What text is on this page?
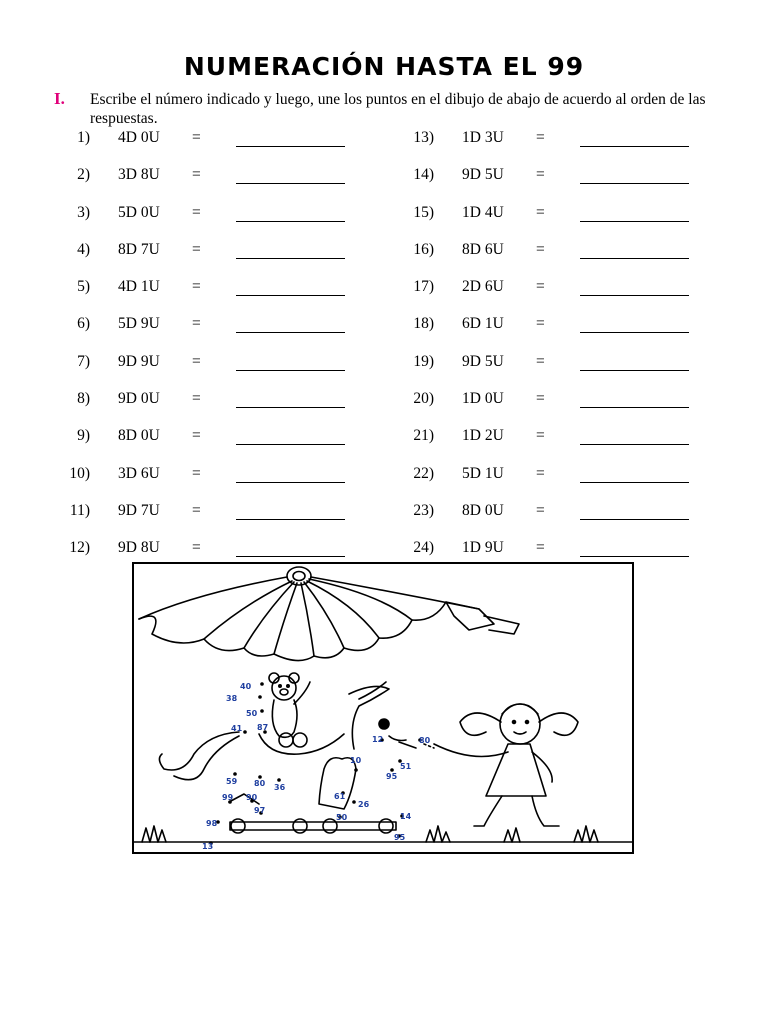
NUMERACIÓN HASTA EL 99
I. Escribe el número indicado y luego, une los puntos en el dibujo de abajo de acuerdo al orden de las respuestas.
1) 4D 0U =
2) 3D 8U =
3) 5D 0U =
4) 8D 7U =
5) 4D 1U =
6) 5D 9U =
7) 9D 9U =
8) 9D 0U =
9) 8D 0U =
10) 3D 6U =
11) 9D 7U =
12) 9D 8U =
13) 1D 3U =
14) 9D 5U =
15) 1D 4U =
16) 8D 6U =
17) 2D 6U =
18) 6D 1U =
19) 9D 5U =
20) 1D 0U =
21) 1D 2U =
22) 5D 1U =
23) 8D 0U =
24) 1D 9U =
40
38
50
41 87
12	80
10
51
95
59 80 36
61
26
99 90
97
98
50	14
95
13
